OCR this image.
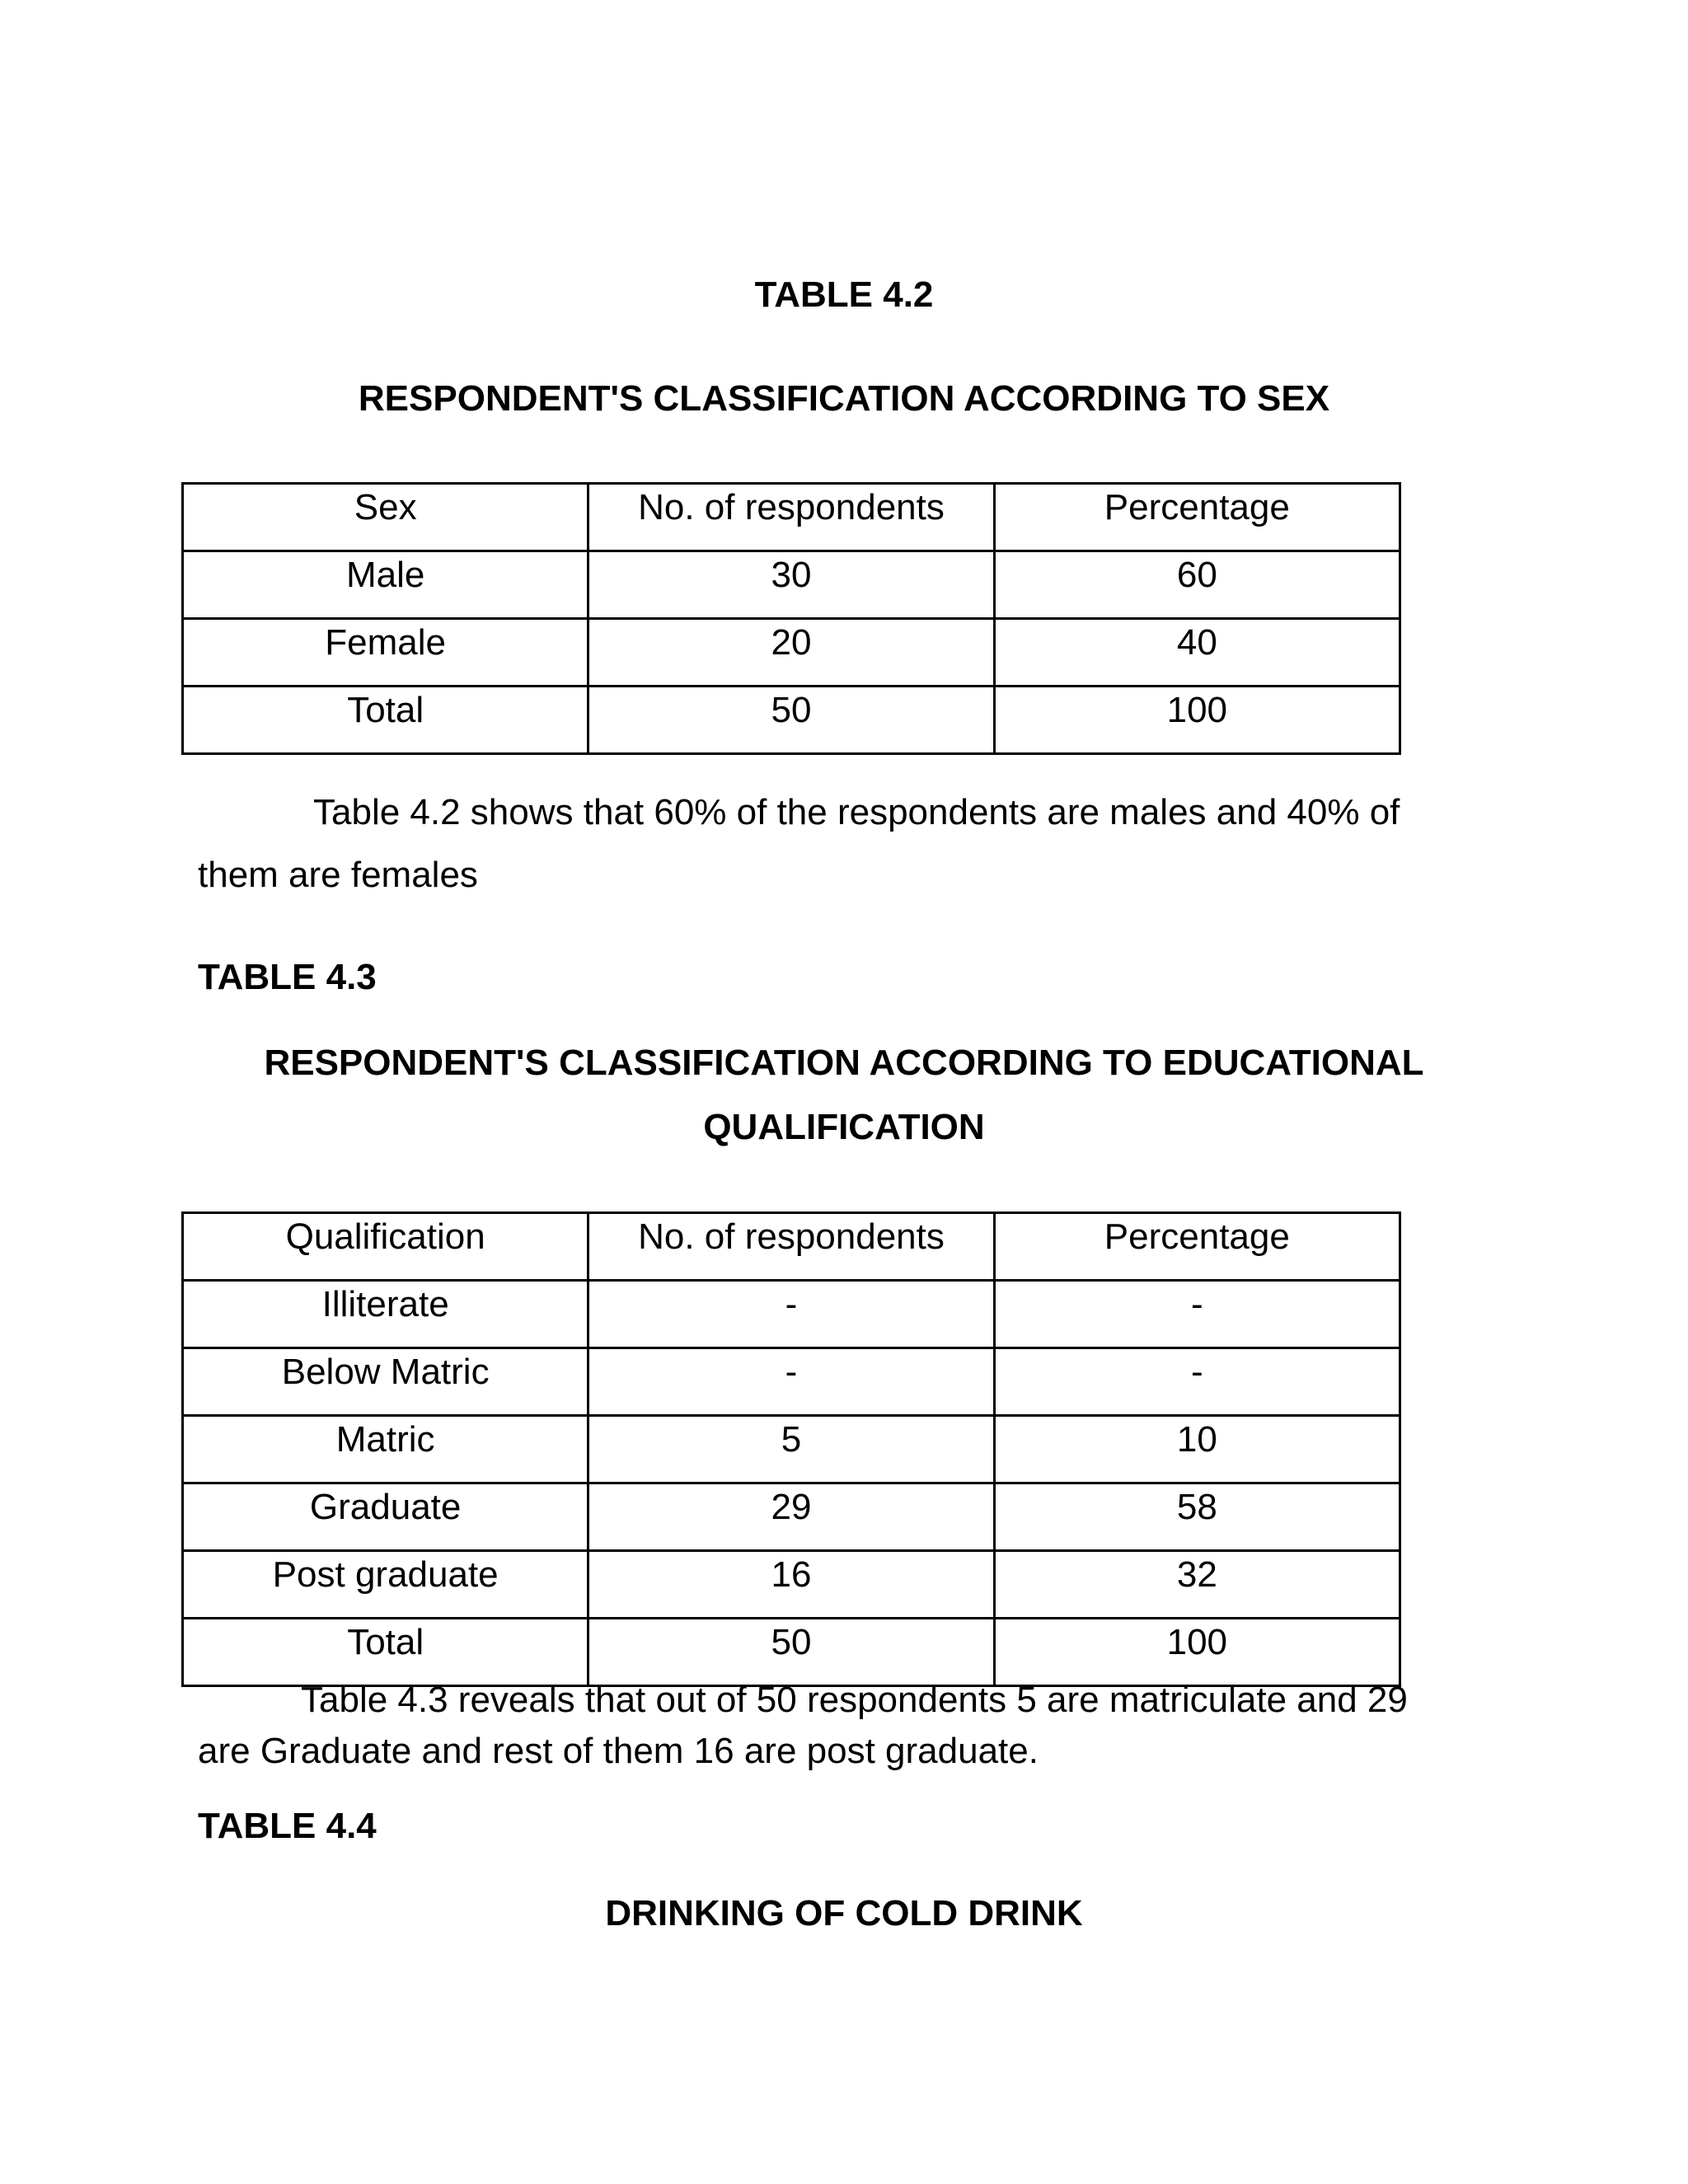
TABLE 4.2
RESPONDENT'S CLASSIFICATION ACCORDING TO SEX
Sex	No. of respondents	Percentage
Male	30	60
Female	20	40
Total	50	100
Table 4.2 shows that 60% of the respondents are males and 40% of
them are females
TABLE 4.3
RESPONDENT'S CLASSIFICATION ACCORDING TO EDUCATIONAL
QUALIFICATION
Qualification	No. of respondents	Percentage
Illiterate	-	-
Below Matric	-	-
Matric	5	10
Graduate	29	58
Post graduate	16	32
Total	50	100
Table 4.3 reveals that out of 50 respondents 5 are matriculate and 29
are Graduate and rest of them 16 are post graduate.
TABLE 4.4
DRINKING OF COLD DRINK
